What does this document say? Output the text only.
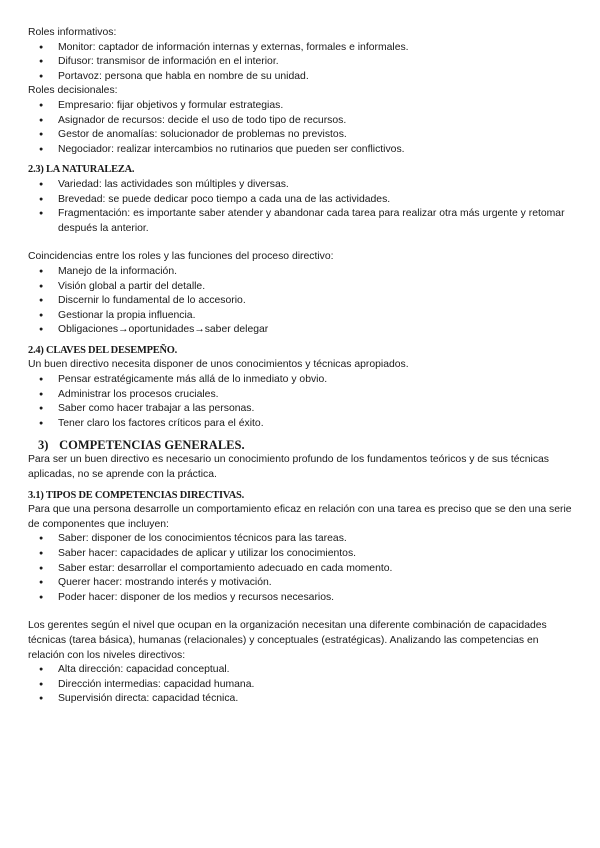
Roles informativos:

● Monitor: captador de información internas y externas, formales e informales.
● Difusor: transmisor de información en el interior.
● Portavoz: persona que habla en nombre de su unidad.

Roles decisionales:

● Empresario: fijar objetivos y formular estrategias.
● Asignador de recursos: decide el uso de todo tipo de recursos.
● Gestor de anomalías: solucionador de problemas no previstos.
● Negociador: realizar intercambios no rutinarios que pueden ser conflictivos.

2.3) LA NATURALEZA.

● Variedad: las actividades son múltiples y diversas.
● Brevedad: se puede dedicar poco tiempo a cada una de las actividades.
● Fragmentación: es importante saber atender y abandonar cada tarea para realizar otra más urgente y retomar después la anterior.

Coincidencias entre los roles y las funciones del proceso directivo:

● Manejo de la información.
● Visión global a partir del detalle.
● Discernir lo fundamental de lo accesorio.
● Gestionar la propia influencia.
● Obligaciones→oportunidades→saber delegar

2.4) CLAVES DEL DESEMPEÑO.

Un buen directivo necesita disponer de unos conocimientos y técnicas apropiados.

● Pensar estratégicamente más allá de lo inmediato y obvio.
● Administrar los procesos cruciales.
● Saber como hacer trabajar a las personas.
● Tener claro los factores críticos para el éxito.

3) COMPETENCIAS GENERALES.

Para ser un buen directivo es necesario un conocimiento profundo de los fundamentos teóricos y de sus técnicas aplicadas, no se aprende con la práctica.

3.1) TIPOS DE COMPETENCIAS DIRECTIVAS.

Para que una persona desarrolle un comportamiento eficaz en relación con una tarea es preciso que se den una serie de componentes que incluyen:

● Saber: disponer de los conocimientos técnicos para las tareas.
● Saber hacer: capacidades de aplicar y utilizar los conocimientos.
● Saber estar: desarrollar el comportamiento adecuado en cada momento.
● Querer hacer: mostrando interés y motivación.
● Poder hacer: disponer de los medios y recursos necesarios.

Los gerentes según el nivel que ocupan en la organización necesitan una diferente combinación de capacidades técnicas (tarea básica), humanas (relacionales) y conceptuales (estratégicas). Analizando las competencias en relación con los niveles directivos:

● Alta dirección: capacidad conceptual.
● Dirección intermedias: capacidad humana.
● Supervisión directa: capacidad técnica.
